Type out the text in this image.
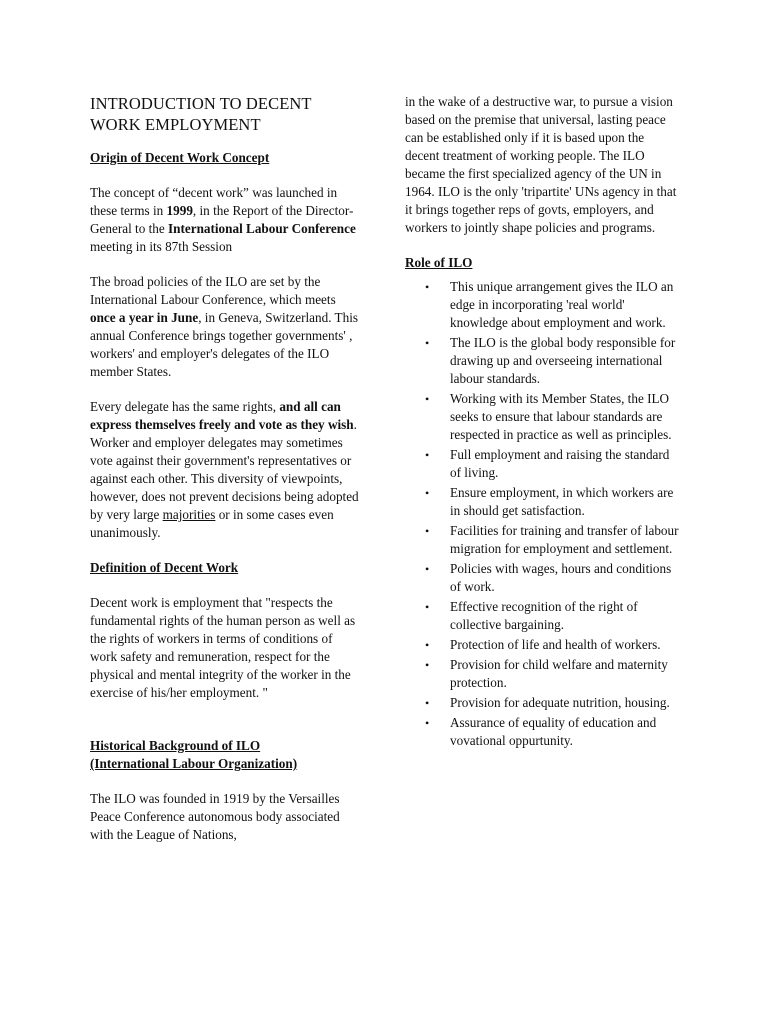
INTRODUCTION TO DECENT WORK EMPLOYMENT
Origin of Decent Work Concept

The concept of “decent work” was launched in these terms in 1999, in the Report of the Director-General to the International Labour Conference meeting in its 87th Session

The broad policies of the ILO are set by the International Labour Conference, which meets once a year in June, in Geneva, Switzerland. This annual Conference brings together governments' , workers' and employer's delegates of the ILO member States.

Every delegate has the same rights, and all can express themselves freely and vote as they wish. Worker and employer delegates may sometimes vote against their government's representatives or against each other. This diversity of viewpoints, however, does not prevent decisions being adopted by very large majorities or in some cases even unanimously.

Definition of Decent Work

Decent work is employment that "respects the fundamental rights of the human person as well as the rights of workers in terms of conditions of work safety and remuneration, respect for the physical and mental integrity of the worker in the exercise of his/her employment. "

Historical Background of ILO
(International Labour Organization)

The ILO was founded in 1919 by the Versailles Peace Conference autonomous body associated with the League of Nations,

in the wake of a destructive war, to pursue a vision based on the premise that universal, lasting peace can be established only if it is based upon the decent treatment of working people. The ILO became the first specialized agency of the UN in 1964. ILO is the only 'tripartite' UNs agency in that it brings together reps of govts, employers, and workers to jointly shape policies and programs.

Role of ILO
• This unique arrangement gives the ILO an edge in incorporating 'real world' knowledge about employment and work.
• The ILO is the global body responsible for drawing up and overseeing international labour standards.
• Working with its Member States, the ILO seeks to ensure that labour standards are respected in practice as well as principles.
• Full employment and raising the standard of living.
• Ensure employment, in which workers are in should get satisfaction.
• Facilities for training and transfer of labour migration for employment and settlement.
• Policies with wages, hours and conditions of work.
• Effective recognition of the right of collective bargaining.
• Protection of life and health of workers.
• Provision for child welfare and maternity protection.
• Provision for adequate nutrition, housing.
• Assurance of equality of education and vovational oppurtunity.
